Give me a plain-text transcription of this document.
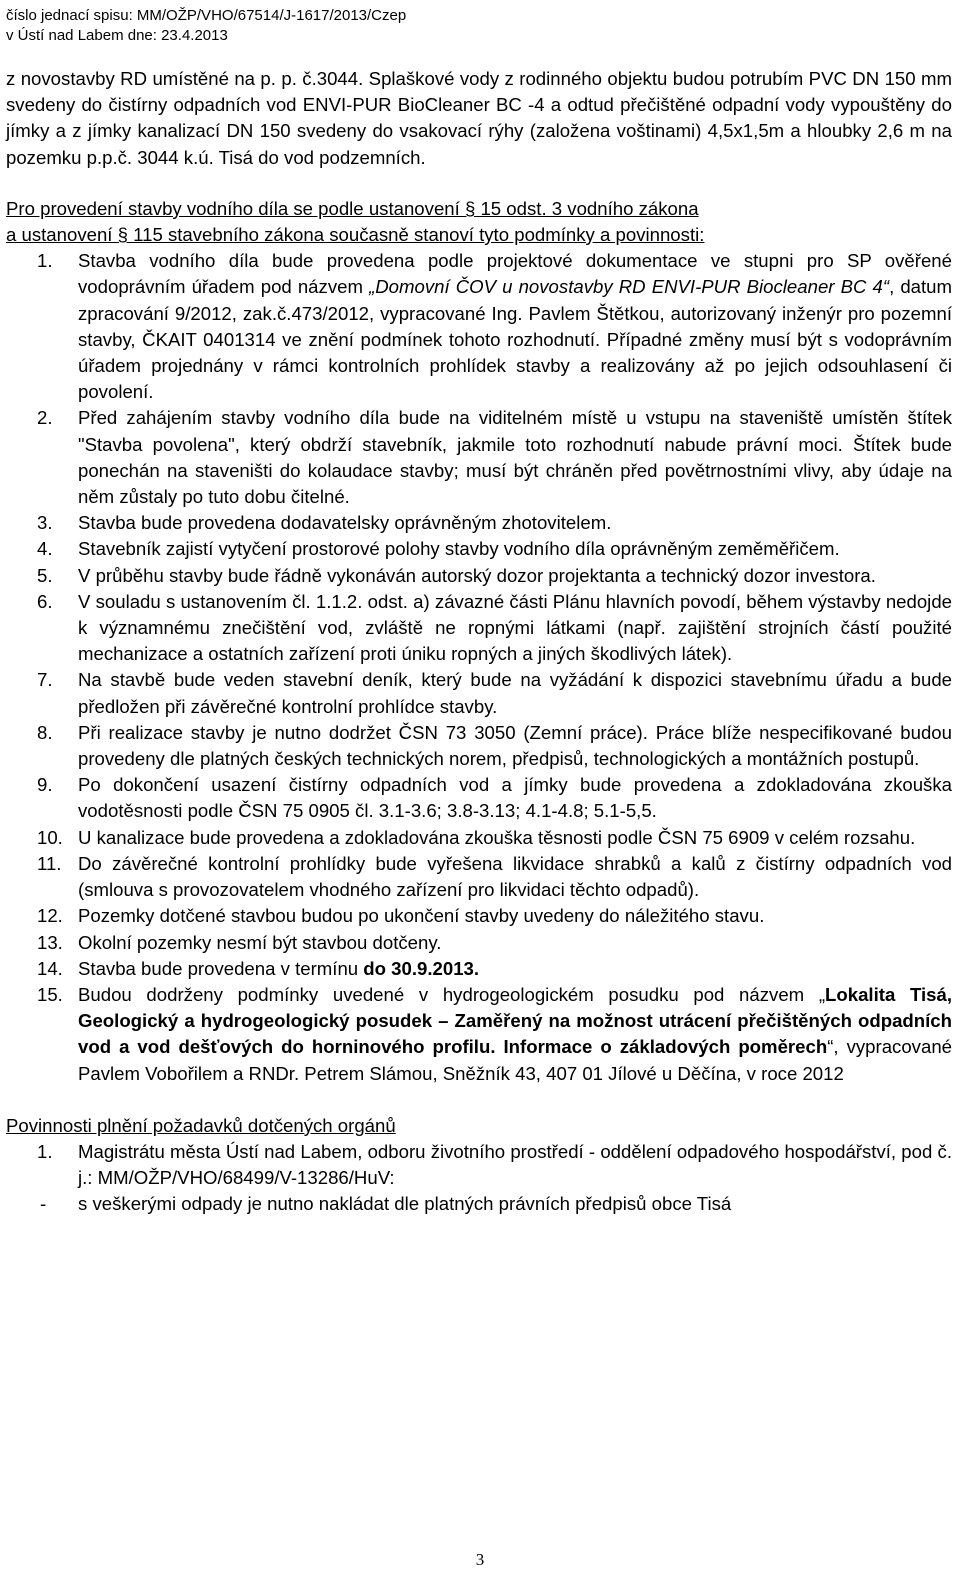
číslo jednací spisu: MM/OŽP/VHO/67514/J-1617/2013/Czep
v Ústí nad Labem dne: 23.4.2013

z novostavby RD umístěné na p. p. č.3044. Splaškové vody z rodinného objektu budou potrubím PVC DN 150 mm svedeny do čistírny odpadních vod ENVI-PUR BioCleaner BC -4 a odtud přečištěné odpadní vody vypouštěny do jímky a z jímky kanalizací DN 150 svedeny do vsakovací rýhy (založena voštinami) 4,5x1,5m a hloubky 2,6 m na pozemku p.p.č. 3044 k.ú. Tisá do vod podzemních.

Pro provedení stavby vodního díla se podle ustanovení § 15 odst. 3 vodního zákona
a ustanovení § 115 stavebního zákona současně stanoví tyto podmínky a povinnosti:
1. Stavba vodního díla bude provedena podle projektové dokumentace ve stupni pro SP ověřené vodoprávním úřadem pod názvem „Domovní ČOV u novostavby RD ENVI-PUR Biocleaner BC 4“, datum zpracování 9/2012, zak.č.473/2012, vypracované Ing. Pavlem Štětkou, autorizovaný inženýr pro pozemní stavby, ČKAIT 0401314 ve znění podmínek tohoto rozhodnutí. Případné změny musí být s vodoprávním úřadem projednány v rámci kontrolních prohlídek stavby a realizovány až po jejich odsouhlasení či povolení.
2. Před zahájením stavby vodního díla bude na viditelném místě u vstupu na staveniště umístěn štítek "Stavba povolena", který obdrží stavebník, jakmile toto rozhodnutí nabude právní moci. Štítek bude ponechán na staveništi do kolaudace stavby; musí být chráněn před povětrnostními vlivy, aby údaje na něm zůstaly po tuto dobu čitelné.
3. Stavba bude provedena dodavatelsky oprávněným zhotovitelem.
4. Stavebník zajistí vytyčení prostorové polohy stavby vodního díla oprávněným zeměměřičem.
5. V průběhu stavby bude řádně vykonáván autorský dozor projektanta a technický dozor investora.
6. V souladu s ustanovením čl. 1.1.2. odst. a) závazné části Plánu hlavních povodí, během výstavby nedojde k významnému znečištění vod, zvláště ne ropnými látkami (např. zajištění strojních částí použité mechanizace a ostatních zařízení proti úniku ropných a jiných škodlivých látek).
7. Na stavbě bude veden stavební deník, který bude na vyžádání k dispozici stavebnímu úřadu a bude předložen při závěrečné kontrolní prohlídce stavby.
8. Při realizace stavby je nutno dodržet ČSN 73 3050 (Zemní práce). Práce blíže nespecifikované budou provedeny dle platných českých technických norem, předpisů, technologických a montážních postupů.
9. Po dokončení usazení čistírny odpadních vod a jímky bude provedena a zdokladována zkouška vodotěsnosti podle ČSN 75 0905 čl. 3.1-3.6; 3.8-3.13; 4.1-4.8; 5.1-5,5.
10. U kanalizace bude provedena a zdokladována zkouška těsnosti podle ČSN 75 6909 v celém rozsahu.
11. Do závěrečné kontrolní prohlídky bude vyřešena likvidace shrabků a kalů z čistírny odpadních vod (smlouva s provozovatelem vhodného zařízení pro likvidaci těchto odpadů).
12. Pozemky dotčené stavbou budou po ukončení stavby uvedeny do náležitého stavu.
13. Okolní pozemky nesmí být stavbou dotčeny.
14. Stavba bude provedena v termínu do 30.9.2013.
15. Budou dodrženy podmínky uvedené v hydrogeologickém posudku pod názvem „Lokalita Tisá, Geologický a hydrogeologický posudek – Zaměřený na možnost utrácení přečištěných odpadních vod a vod dešťových do horninového profilu. Informace o základových poměrech“, vypracované Pavlem Vobořilem a RNDr. Petrem Slámou, Sněžník 43, 407 01 Jílové u Děčína, v roce 2012
Povinnosti plnění požadavků dotčených orgánů
1. Magistrátu města Ústí nad Labem, odboru životního prostředí - oddělení odpadového hospodářství, pod č. j.: MM/OŽP/VHO/68499/V-13286/HuV:
- s veškerými odpady je nutno nakládat dle platných právních předpisů obce Tisá
3
